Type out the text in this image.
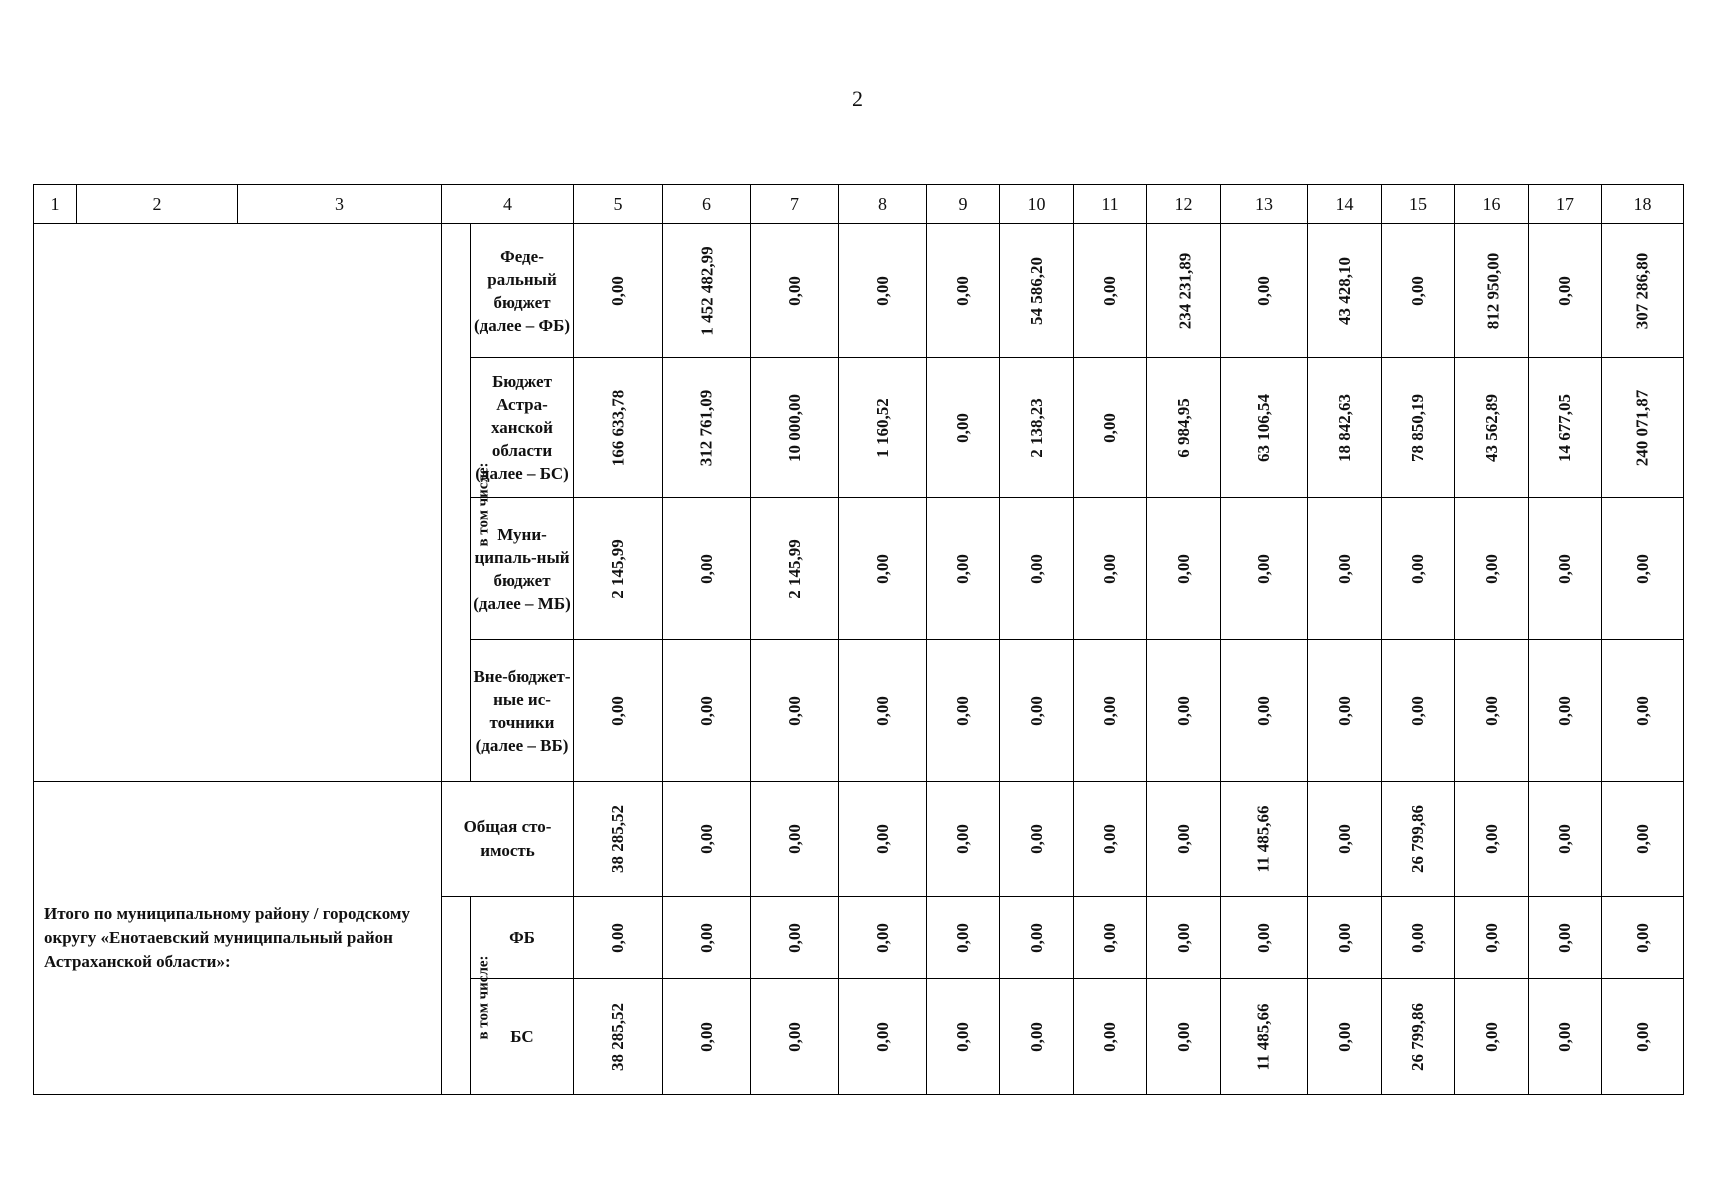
2
1	2	3	4		5	6	7	8	9	10	11	12	13	14	15	16	17	18
			в том числе:	Феде-ральный бюджет (далее – ФБ)	0,00	1 452 482,99	0,00	0,00	0,00	54 586,20	0,00	234 231,89	0,00	43 428,10	0,00	812 950,00	0,00	307 286,80
				Бюджет Астра-ханской области (далее – БС)	166 633,78	312 761,09	10 000,00	1 160,52	0,00	2 138,23	0,00	6 984,95	63 106,54	18 842,63	78 850,19	43 562,89	14 677,05	240 071,87
				Муни-ципаль-ный бюджет (далее – МБ)	2 145,99	0,00	2 145,99	0,00	0,00	0,00	0,00	0,00	0,00	0,00	0,00	0,00	0,00	0,00
				Вне-бюджет-ные ис-точники (далее – ВБ)	0,00	0,00	0,00	0,00	0,00	0,00	0,00	0,00	0,00	0,00	0,00	0,00	0,00	0,00
Итого по муниципальному району / городскому округу «Енотаевский муниципальный район Астраханской области»:			Общая сто-имость		38 285,52	0,00	0,00	0,00	0,00	0,00	0,00	0,00	11 485,66	0,00	26 799,86	0,00	0,00	0,00
			в том числе:	ФБ	0,00	0,00	0,00	0,00	0,00	0,00	0,00	0,00	0,00	0,00	0,00	0,00	0,00	0,00
				БС	38 285,52	0,00	0,00	0,00	0,00	0,00	0,00	0,00	11 485,66	0,00	26 799,86	0,00	0,00	0,00
